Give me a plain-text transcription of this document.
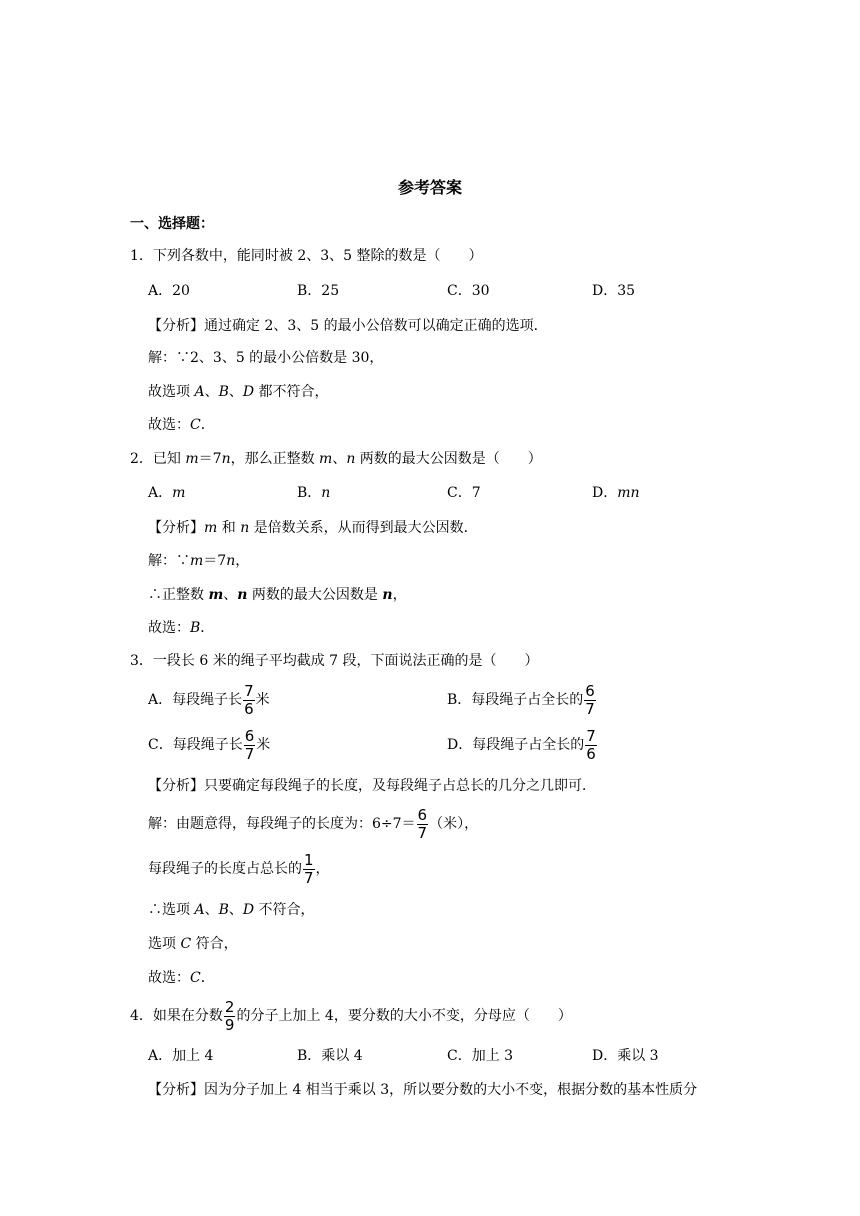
参考答案
一、选择题：
1．下列各数中，能同时被 2、3、5 整除的数是（　　）
A．20	B．25	C．30	D．35
【分析】通过确定 2、3、5 的最小公倍数可以确定正确的选项．
解：∵2、3、5 的最小公倍数是 30，
故选项 A、B、D 都不符合，
故选：C．
2．已知 m＝7n，那么正整数 m、n 两数的最大公因数是（　　）
A．m	B．n	C．7	D．mn
【分析】m 和 n 是倍数关系，从而得到最大公因数．
解：∵m＝7n，
∴正整数 m、n 两数的最大公因数是 n，
故选：B．
3．一段长 6 米的绳子平均截成 7 段，下面说法正确的是（　　）
A．每段绳子长 $\frac{7}{6}$ 米	B．每段绳子占全长的 $\frac{6}{7}$
C．每段绳子长 $\frac{6}{7}$ 米	D．每段绳子占全长的 $\frac{7}{6}$
【分析】只要确定每段绳子的长度，及每段绳子占总长的几分之几即可．
解：由题意得，每段绳子的长度为：$6\div 7= \frac{6}{7}$ （米），
每段绳子的长度占总长的 $\frac{1}{7}$ ，
∴选项 A、B、D 不符合，
选项 C 符合，
故选：C．
4．如果在分数 $\frac{2}{9}$ 的分子上加上 4，要分数的大小不变，分母应（　　）
A．加上 4	B．乘以 4	C．加上 3	D．乘以 3
【分析】因为分子加上 4 相当于乘以 3，所以要分数的大小不变，根据分数的基本性质分
